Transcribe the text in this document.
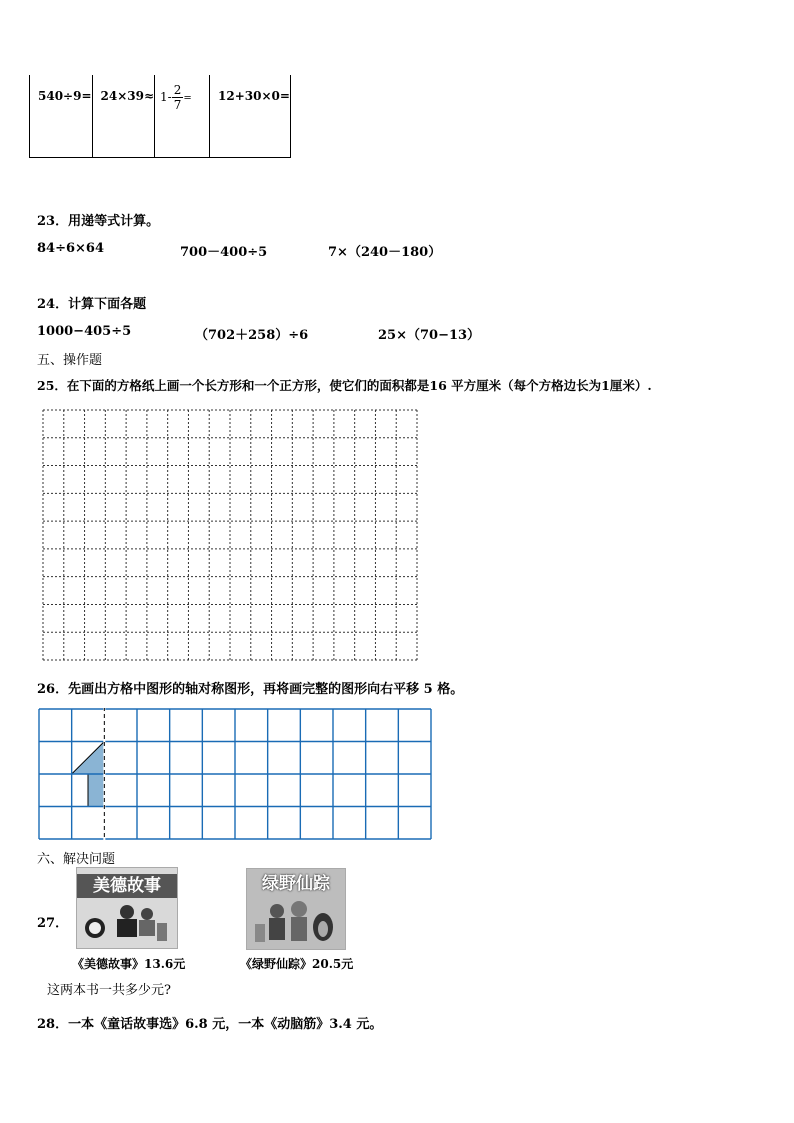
540÷9=	24×39≈	$1- \frac{2}{7}$ =	12+30×0=
23．用递等式计算。
84÷6×64	700－400÷5	7×（240－180）
24．计算下面各题
1000−405÷5	（702＋258）÷6	25×（70−13）
五、操作题
25．在下面的方格纸上画一个长方形和一个正方形，使它们的面积都是16 平方厘米（每个方格边长为1厘米）.
26．先画出方格中图形的轴对称图形，再将画完整的图形向右平移 5 格。
六、解决问题
27．
美德故事
《美德故事》13.6元
绿野仙踪
《绿野仙踪》20.5元
这两本书一共多少元?
28．一本《童话故事选》6.8 元，一本《动脑筋》3.4 元。
